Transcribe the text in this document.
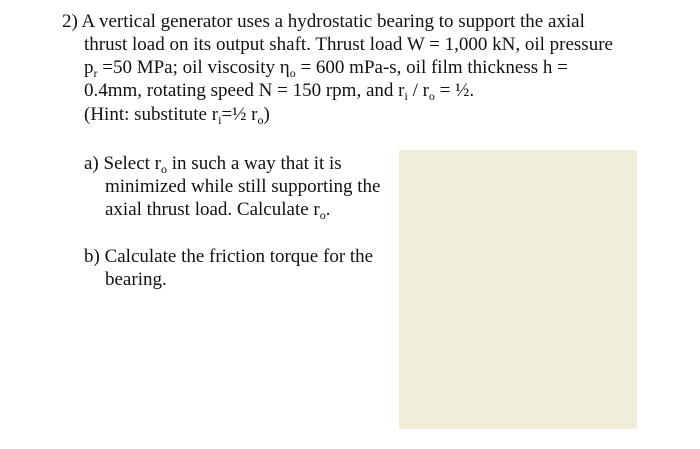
2) A vertical generator uses a hydrostatic bearing to support the axial
thrust load on its output shaft. Thrust load W = 1,000 kN, oil pressure
$p_r =50$ MPa; oil viscosity $\eta_o = 600$ mPa-s, oil film thickness h =
0.4mm, rotating speed N = 150 rpm, and $r_i / r_o$ = ½.
(Hint: substitute $r_i=\frac{1}{2}$ $r_o$)
a) Select $r_o$ in such a way that it is
minimized while still supporting the
axial thrust load. Calculate $r_o$.
b) Calculate the friction torque for the
bearing.
